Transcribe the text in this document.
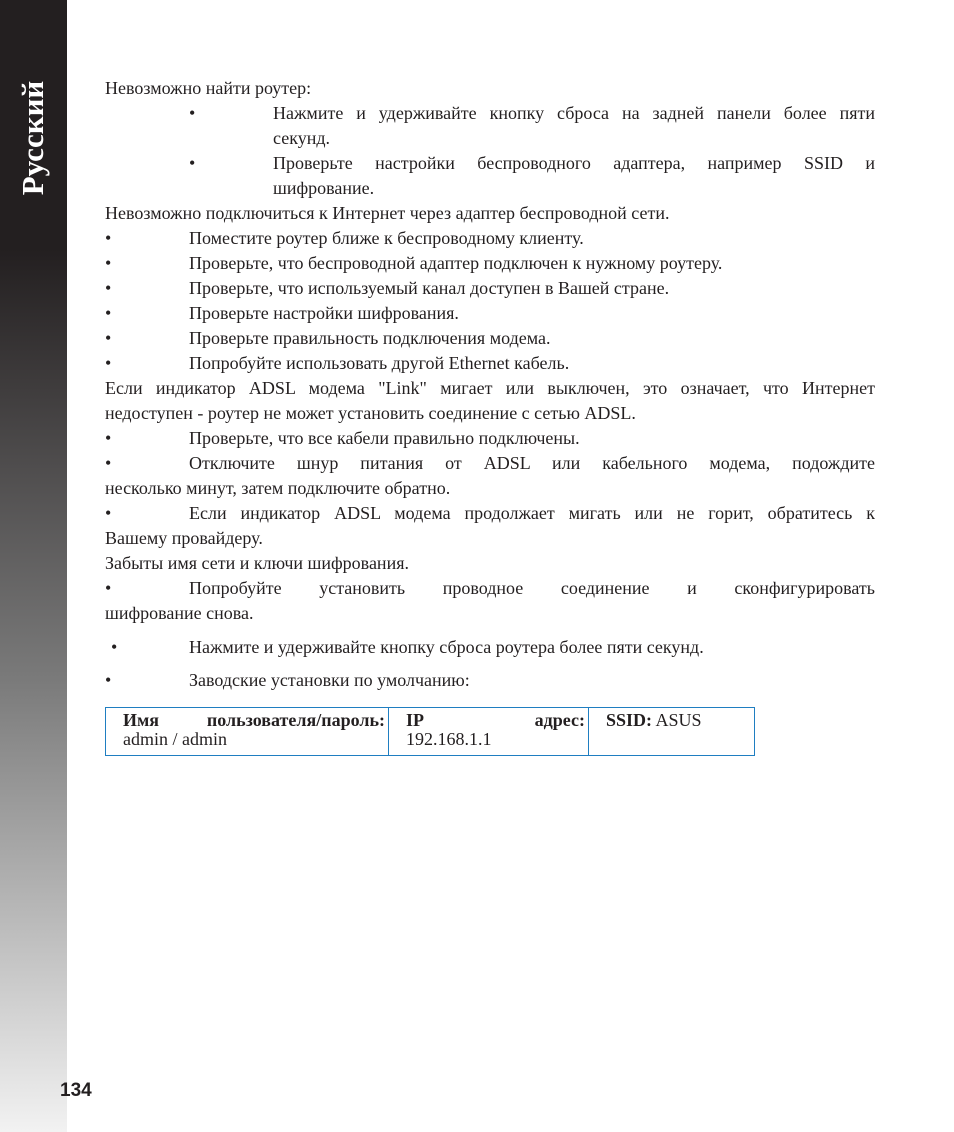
Русский	Невозможно найти роутер:
•	Нажмите и удерживайте кнопку сброса на задней панели более пяти
секунд.
•	Проверьте настройки беспроводного адаптера, например SSID и
шифрование.
Невозможно подключиться к Интернет через адаптер беспроводной сети.
•	Поместите роутер ближе к беспроводному клиенту.
•	Проверьте, что беспроводной адаптер подключен к нужному роутеру.
•	Проверьте, что используемый канал доступен в Вашей стране.
•	Проверьте настройки шифрования.
•	Проверьте правильность подключения модема.
•	Попробуйте использовать другой Ethernet кабель.
Если индикатор ADSL модема "Link" мигает или выключен, это означает, что Интернет
недоступен - роутер не может установить соединение с сетью ADSL.
•	Проверьте, что все кабели правильно подключены.
•	Отключите шнур питания от ADSL или кабельного модема, подождите
несколько минут, затем подключите обратно.
•	Если индикатор ADSL модема продолжает мигать или не горит, обратитесь к
Вашему провайдеру.
Забыты имя сети и ключи шифрования.
•	Попробуйте установить проводное соединение и сконфигурировать
шифрование снова.
•	Нажмите и удерживайте кнопку сброса роутера более пяти секунд.
•	Заводские установки по умолчанию:
Имя пользователя/пароль:
admin / admin

IP адрес:
192.168.1.1

SSID: ASUS
134
